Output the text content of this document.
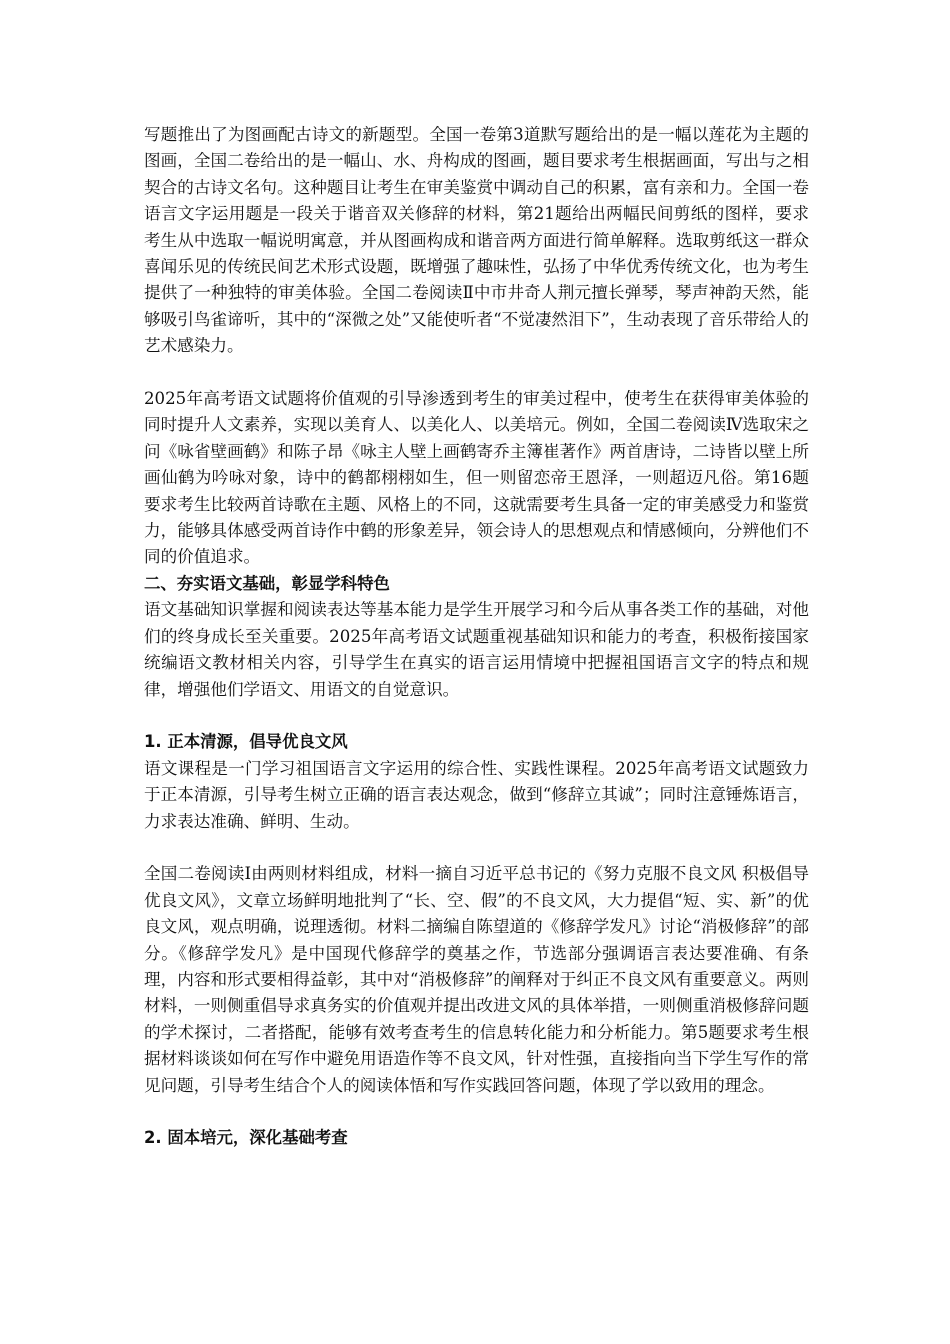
写题推出了为图画配古诗文的新题型。全国一卷第3道默写题给出的是一幅以莲花为主题的图画，全国二卷给出的是一幅山、水、舟构成的图画，题目要求考生根据画面，写出与之相契合的古诗文名句。这种题目让考生在审美鉴赏中调动自己的积累，富有亲和力。全国一卷语言文字运用题是一段关于谐音双关修辞的材料，第21题给出两幅民间剪纸的图样，要求考生从中选取一幅说明寓意，并从图画构成和谐音两方面进行简单解释。选取剪纸这一群众喜闻乐见的传统民间艺术形式设题，既增强了趣味性，弘扬了中华优秀传统文化，也为考生提供了一种独特的审美体验。全国二卷阅读Ⅱ中市井奇人荆元擅长弹琴，琴声神韵天然，能够吸引鸟雀谛听，其中的“深微之处”又能使听者“不觉凄然泪下”，生动表现了音乐带给人的艺术感染力。

2025年高考语文试题将价值观的引导渗透到考生的审美过程中，使考生在获得审美体验的同时提升人文素养，实现以美育人、以美化人、以美培元。例如，全国二卷阅读Ⅳ选取宋之问《咏省壁画鹤》和陈子昂《咏主人壁上画鹤寄乔主簿崔著作》两首唐诗，二诗皆以壁上所画仙鹤为吟咏对象，诗中的鹤都栩栩如生，但一则留恋帝王恩泽，一则超迈凡俗。第16题要求考生比较两首诗歌在主题、风格上的不同，这就需要考生具备一定的审美感受力和鉴赏力，能够具体感受两首诗作中鹤的形象差异，领会诗人的思想观点和情感倾向，分辨他们不同的价值追求。

二、夯实语文基础，彰显学科特色

语文基础知识掌握和阅读表达等基本能力是学生开展学习和今后从事各类工作的基础，对他们的终身成长至关重要。2025年高考语文试题重视基础知识和能力的考查，积极衔接国家统编语文教材相关内容，引导学生在真实的语言运用情境中把握祖国语言文字的特点和规律，增强他们学语文、用语文的自觉意识。

1. 正本清源，倡导优良文风

语文课程是一门学习祖国语言文字运用的综合性、实践性课程。2025年高考语文试题致力于正本清源，引导考生树立正确的语言表达观念，做到“修辞立其诚”；同时注意锤炼语言，力求表达准确、鲜明、生动。

全国二卷阅读Ⅰ由两则材料组成，材料一摘自习近平总书记的《努力克服不良文风 积极倡导优良文风》，文章立场鲜明地批判了“长、空、假”的不良文风，大力提倡“短、实、新”的优良文风，观点明确，说理透彻。材料二摘编自陈望道的《修辞学发凡》讨论“消极修辞”的部分。《修辞学发凡》是中国现代修辞学的奠基之作，节选部分强调语言表达要准确、有条理，内容和形式要相得益彰，其中对“消极修辞”的阐释对于纠正不良文风有重要意义。两则材料，一则侧重倡导求真务实的价值观并提出改进文风的具体举措，一则侧重消极修辞问题的学术探讨，二者搭配，能够有效考查考生的信息转化能力和分析能力。第5题要求考生根据材料谈谈如何在写作中避免用语造作等不良文风，针对性强，直接指向当下学生写作的常见问题，引导考生结合个人的阅读体悟和写作实践回答问题，体现了学以致用的理念。

2. 固本培元，深化基础考查
